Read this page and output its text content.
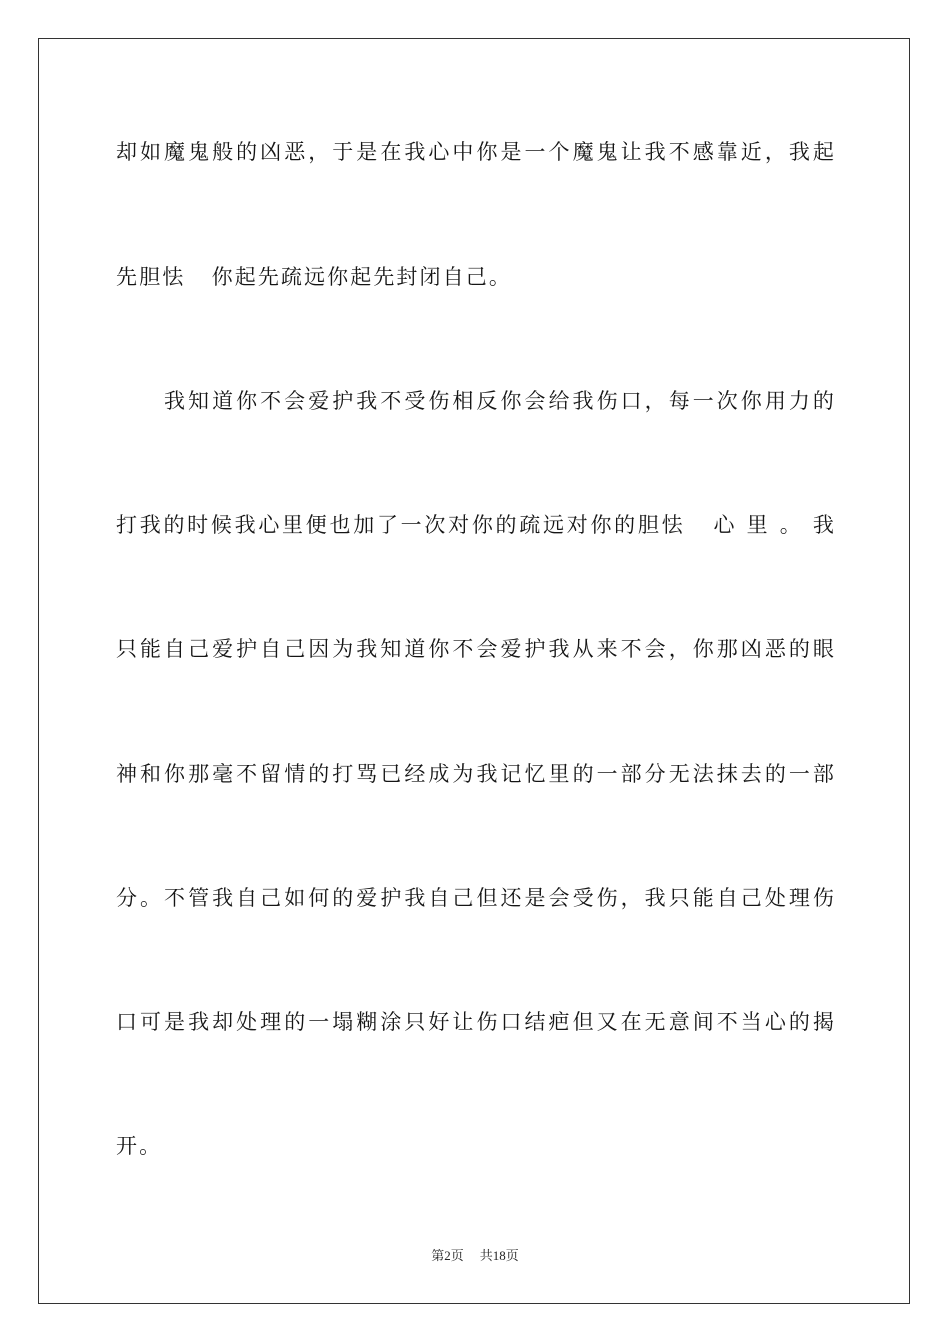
却如魔鬼般的凶恶，于是在我心中你是一个魔鬼让我不感靠近，我起
先胆怯   你起先疏远你起先封闭自己。
我知道你不会爱护我不受伤相反你会给我伤口，每一次你用力的
打我的时候我心里便也加了一次对你的疏远对你的胆怯   心 里 。 我
只能自己爱护自己因为我知道你不会爱护我从来不会，你那凶恶的眼
神和你那毫不留情的打骂已经成为我记忆里的一部分无法抹去的一部
分。不管我自己如何的爱护我自己但还是会受伤，我只能自己处理伤
口可是我却处理的一塌糊涂只好让伤口结疤但又在无意间不当心的揭
开。
第2页 共18页
